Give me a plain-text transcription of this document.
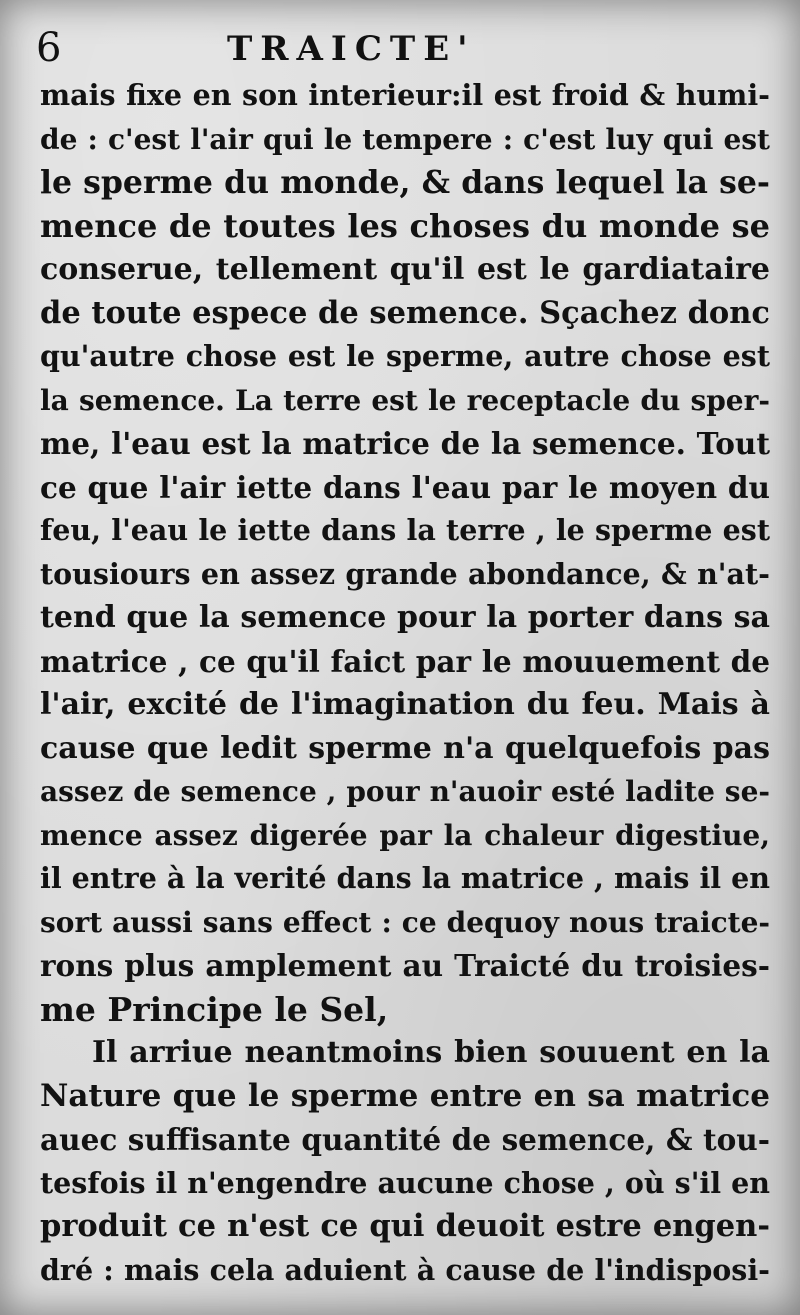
6	TRAICTE'
mais fixe en son interieur:il est froid & humi-
de : c'est l'air qui le tempere : c'est luy qui est
le sperme du monde, & dans lequel la se-
mence de toutes les choses du monde se
conserue, tellement qu'il est le gardiataire
de toute espece de semence. Sçachez donc
qu'autre chose est le sperme, autre chose est
la semence. La terre est le receptacle du sper-
me, l'eau est la matrice de la semence. Tout
ce que l'air iette dans l'eau par le moyen du
feu, l'eau le iette dans la terre , le sperme est
tousiours en assez grande abondance, & n'at-
tend que la semence pour la porter dans sa
matrice , ce qu'il faict par le mouuement de
l'air, excité de l'imagination du feu. Mais à
cause que ledit sperme n'a quelquefois pas
assez de semence , pour n'auoir esté ladite se-
mence assez digerée par la chaleur digestiue,
il entre à la verité dans la matrice , mais il en
sort aussi sans effect : ce dequoy nous traicte-
rons plus amplement au Traicté du troisies-
me Principe le Sel,
Il arriue neantmoins bien souuent en la
Nature que le sperme entre en sa matrice
auec suffisante quantité de semence, & tou-
tesfois il n'engendre aucune chose , où s'il en
produit ce n'est ce qui deuoit estre engen-
dré : mais cela aduient à cause de l'indisposi-
